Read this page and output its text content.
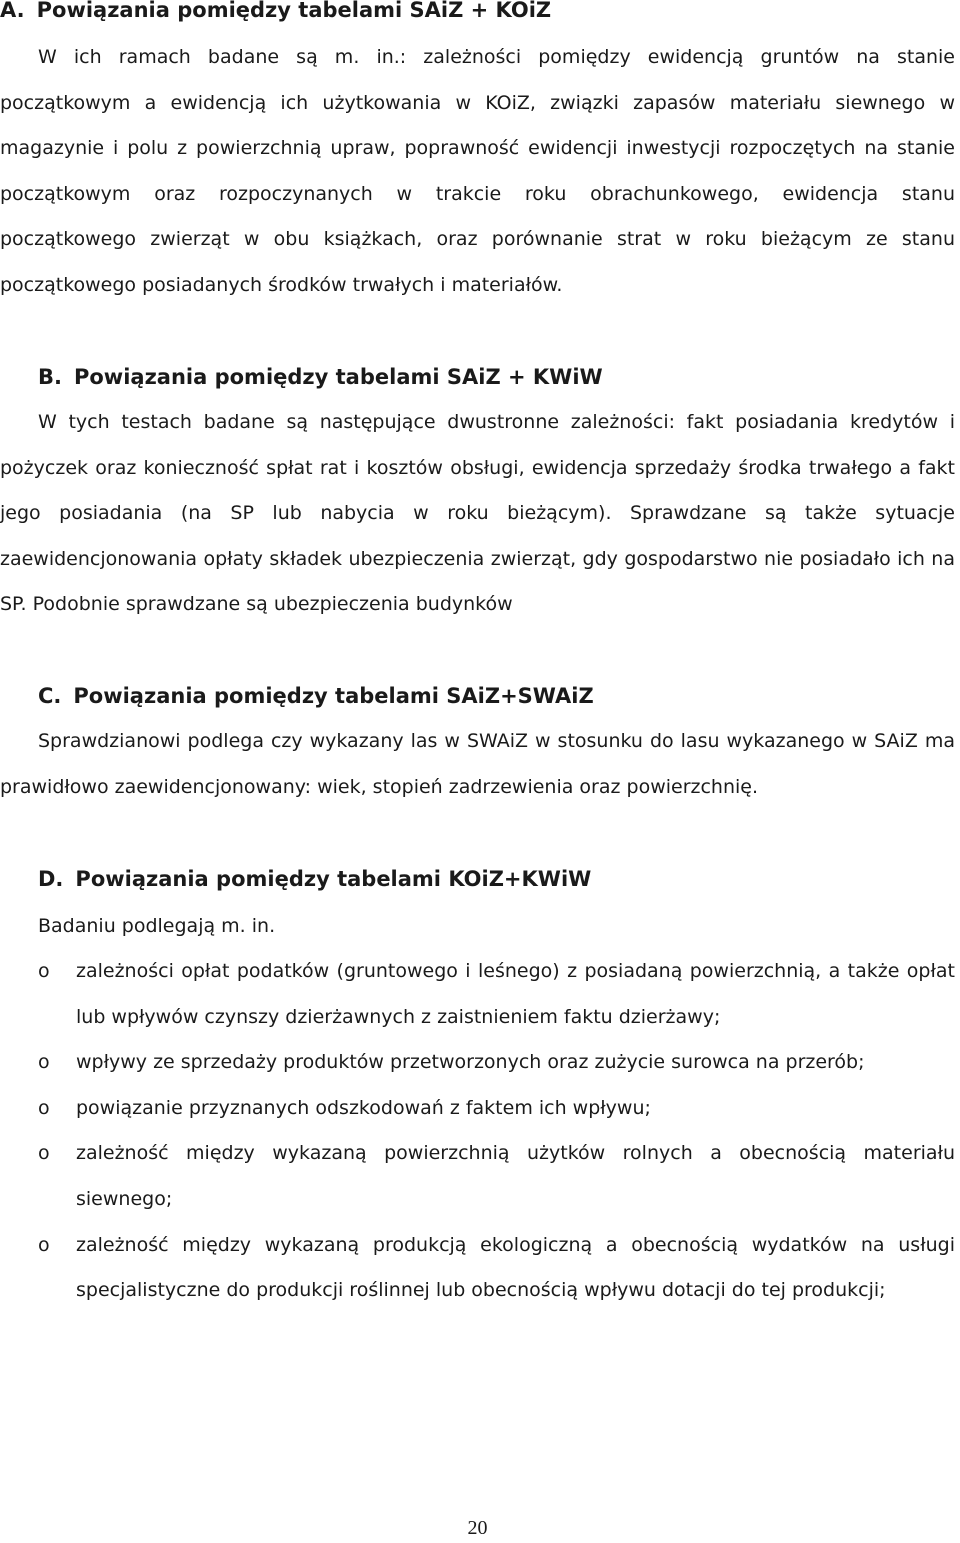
A. Powiązania pomiędzy tabelami SAiZ + KOiZ

W ich ramach badane są m. in.: zależności pomiędzy ewidencją gruntów na stanie początkowym a ewidencją ich użytkowania w KOiZ, związki zapasów materiału siewnego w magazynie i polu z powierzchnią upraw, poprawność ewidencji inwestycji rozpoczętych na stanie początkowym oraz rozpoczynanych w trakcie roku obrachunkowego, ewidencja stanu początkowego zwierząt w obu książkach, oraz porównanie strat w roku bieżącym ze stanu początkowego posiadanych środków trwałych i materiałów.

B. Powiązania pomiędzy tabelami SAiZ + KWiW

W tych testach badane są następujące dwustronne zależności: fakt posiadania kredytów i pożyczek oraz konieczność spłat rat i kosztów obsługi, ewidencja sprzedaży środka trwałego a fakt jego posiadania (na SP lub nabycia w roku bieżącym). Sprawdzane są także sytuacje zaewidencjonowania opłaty składek ubezpieczenia zwierząt, gdy gospodarstwo nie posiadało ich na SP. Podobnie sprawdzane są ubezpieczenia budynków

C. Powiązania pomiędzy tabelami SAiZ+SWAiZ

Sprawdzianowi podlega czy wykazany las w SWAiZ w stosunku do lasu wykazanego w SAiZ ma prawidłowo zaewidencjonowany: wiek, stopień zadrzewienia oraz powierzchnię.

D. Powiązania pomiędzy tabelami KOiZ+KWiW
Badaniu podlegają m. in.
o zależności opłat podatków (gruntowego i leśnego) z posiadaną powierzchnią, a także opłat lub wpływów czynszy dzierżawnych z zaistnieniem faktu dzierżawy;
o wpływy ze sprzedaży produktów przetworzonych oraz zużycie surowca na przerób;
o powiązanie przyznanych odszkodowań z faktem ich wpływu;
o zależność między wykazaną powierzchnią użytków rolnych a obecnością materiału siewnego;
o zależność między wykazaną produkcją ekologiczną a obecnością wydatków na usługi specjalistyczne do produkcji roślinnej lub obecnością wpływu dotacji do tej produkcji;
20
